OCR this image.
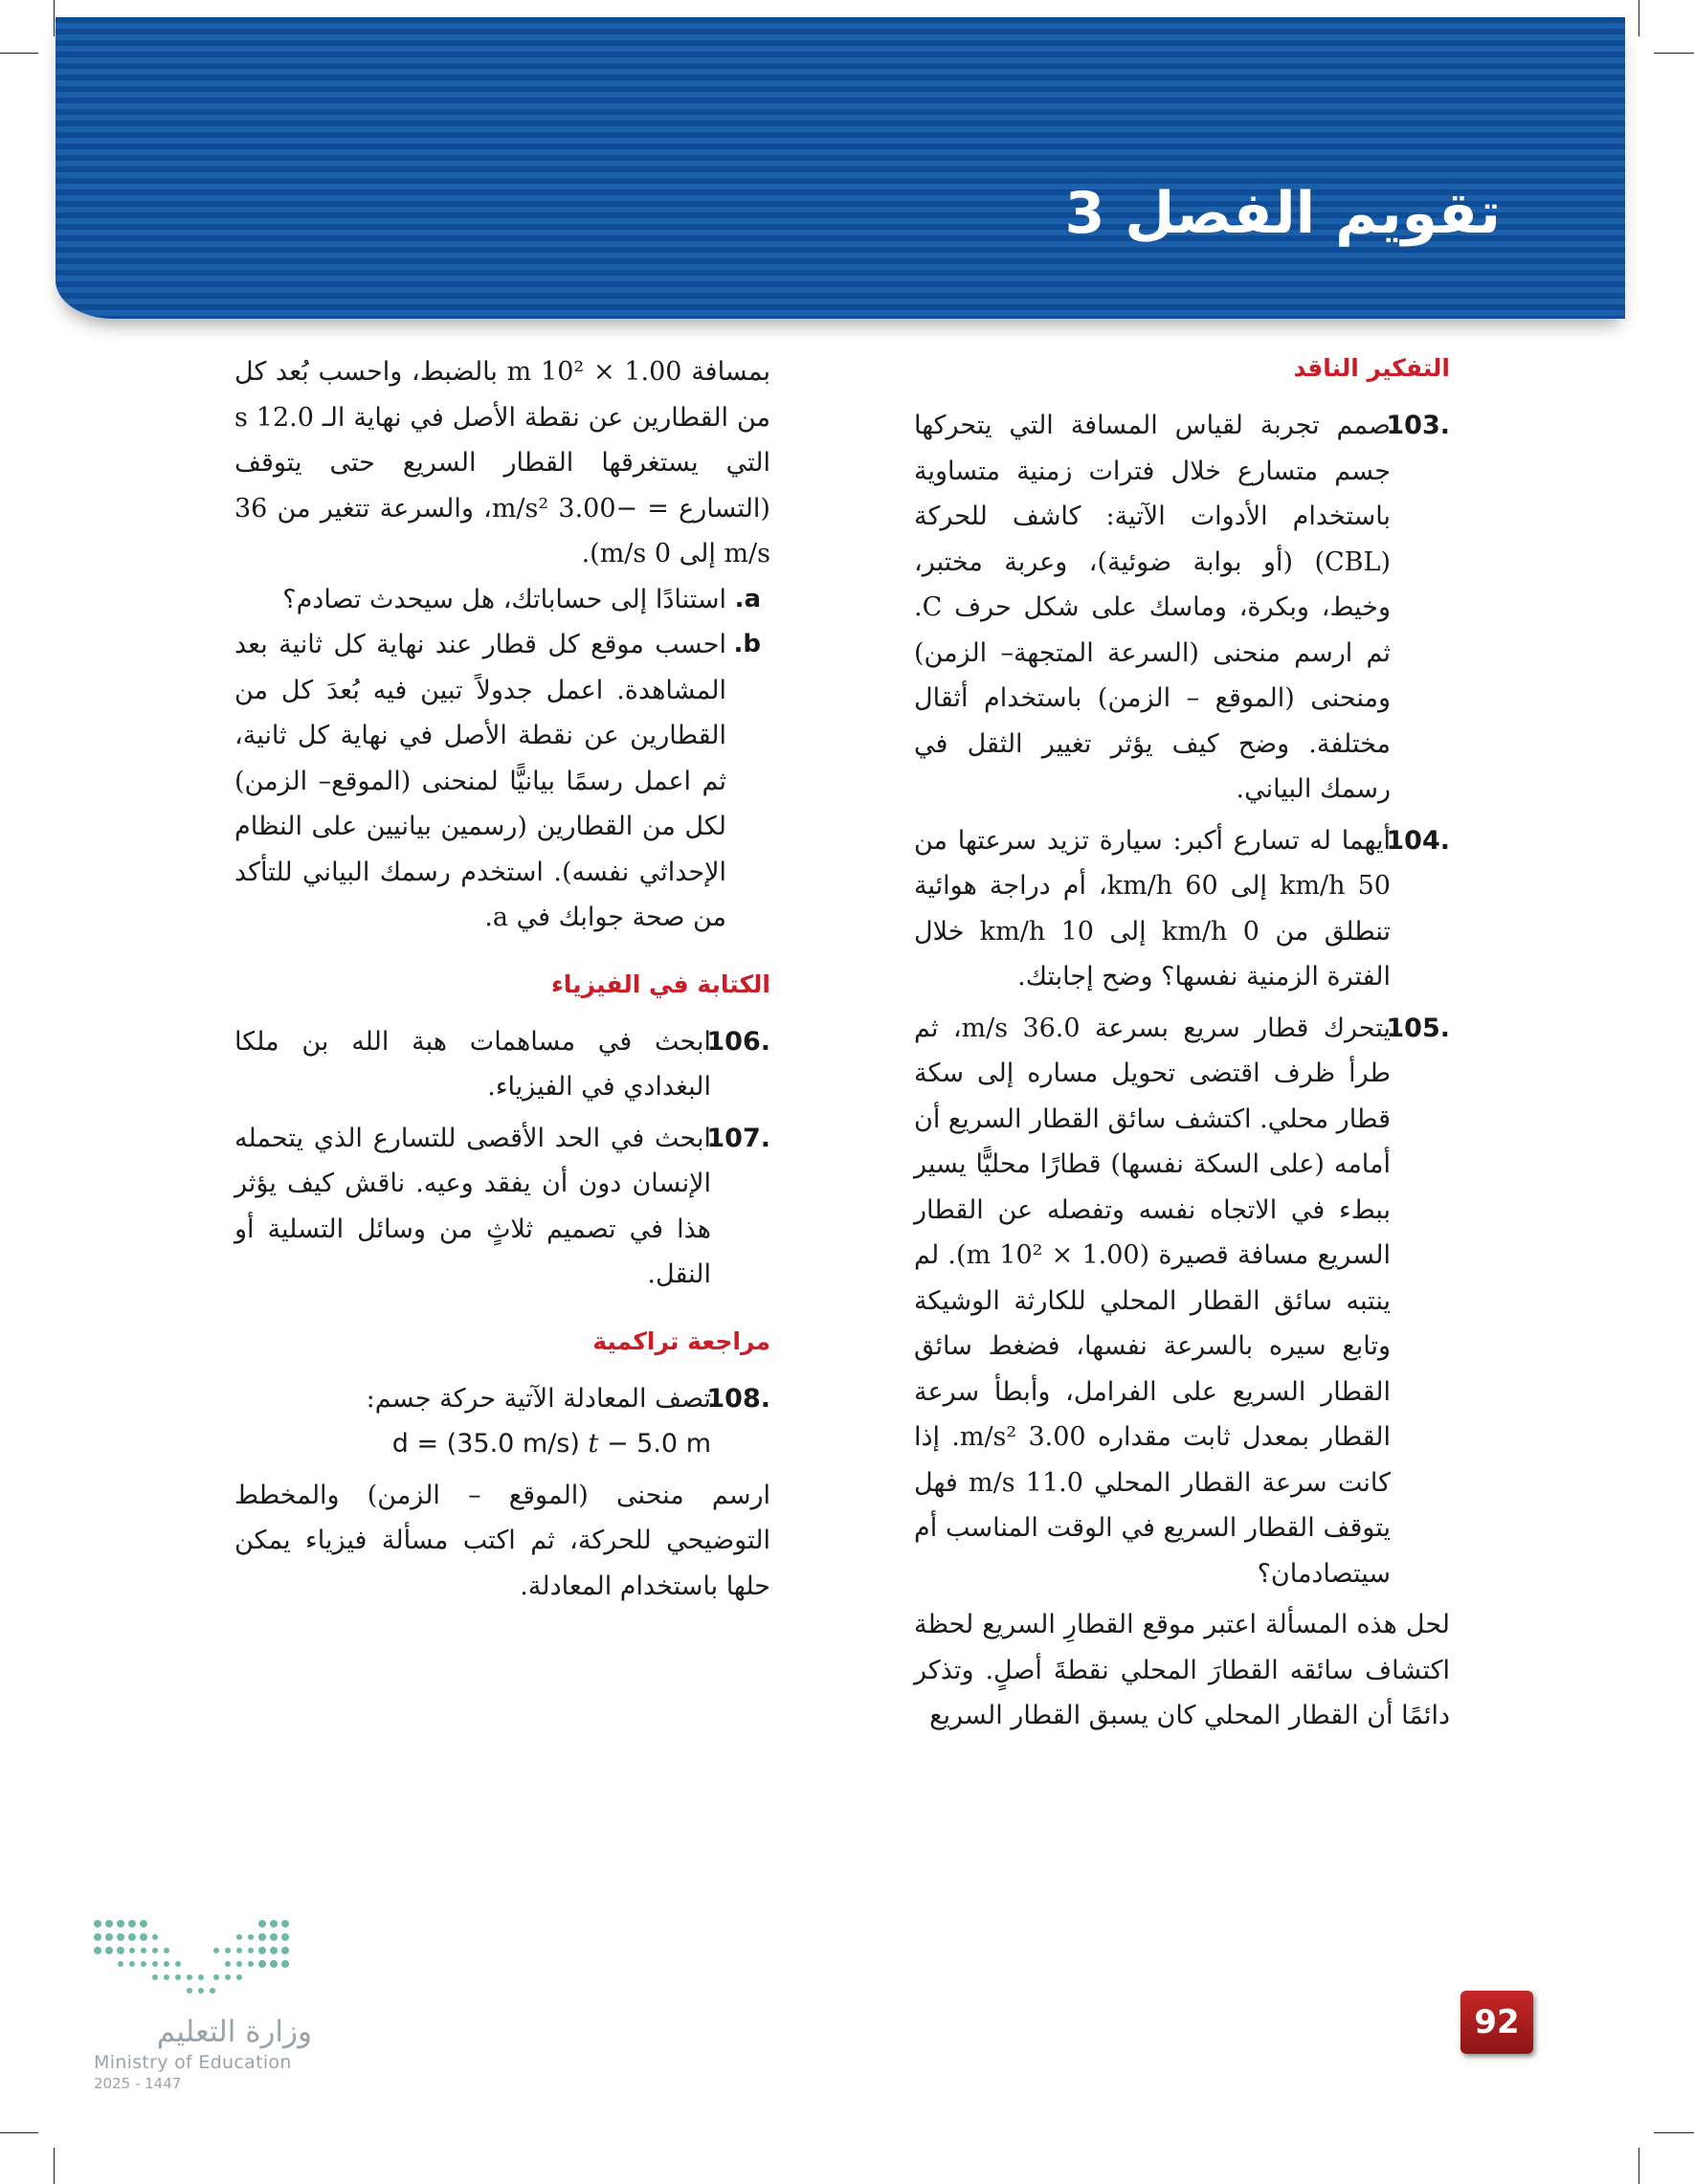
تقويم الفصل 3
التفكير الناقد
103.

صمم تجربة لقياس المسافة التي يتحركها جسم متسارع خلال فترات زمنية متساوية باستخدام الأدوات الآتية: كاشف للحركة (CBL) (أو بوابة ضوئية)، وعربة مختبر، وخيط، وبكرة، وماسك على شكل حرف C. ثم ارسم منحنى (السرعة المتجهة– الزمن) ومنحنى (الموقع – الزمن) باستخدام أثقال مختلفة. وضح كيف يؤثر تغيير الثقل في رسمك البياني.

104.

أيهما له تسارع أكبر: سيارة تزيد سرعتها من 50 km/h إلى 60 km/h، أم دراجة هوائية تنطلق من 0 km/h إلى 10 km/h خلال الفترة الزمنية نفسها؟ وضح إجابتك.

105.

يتحرك قطار سريع بسرعة 36.0 m/s، ثم طرأ ظرف اقتضى تحويل مساره إلى سكة قطار محلي. اكتشف سائق القطار السريع أن أمامه (على السكة نفسها) قطارًا محليًّا يسير ببطء في الاتجاه نفسه وتفصله عن القطار السريع مسافة قصيرة (1.00 × 10² m). لم ينتبه سائق القطار المحلي للكارثة الوشيكة وتابع سيره بالسرعة نفسها، فضغط سائق القطار السريع على الفرامل، وأبطأ سرعة القطار بمعدل ثابت مقداره 3.00 m/s². إذا كانت سرعة القطار المحلي 11.0 m/s فهل يتوقف القطار السريع في الوقت المناسب أم سيتصادمان؟

لحل هذه المسألة اعتبر موقع القطارِ السريع لحظة اكتشاف سائقه القطارَ المحلي نقطةَ أصلٍ. وتذكر دائمًا أن القطار المحلي كان يسبق القطار السريع

بمسافة 1.00 × 10² m بالضبط، واحسب بُعد كل من القطارين عن نقطة الأصل في نهاية الـ 12.0 s التي يستغرقها القطار السريع حتى يتوقف (التسارع = −3.00 m/s²، والسرعة تتغير من 36 m/s إلى 0 m/s).

a.

استنادًا إلى حساباتك، هل سيحدث تصادم؟

b.

احسب موقع كل قطار عند نهاية كل ثانية بعد المشاهدة. اعمل جدولاً تبين فيه بُعدَ كل من القطارين عن نقطة الأصل في نهاية كل ثانية، ثم اعمل رسمًا بيانيًّا لمنحنى (الموقع– الزمن) لكل من القطارين (رسمين بيانيين على النظام الإحداثي نفسه). استخدم رسمك البياني للتأكد من صحة جوابك في a.

الكتابة في الفيزياء
106.

ابحث في مساهمات هبة الله بن ملكا البغدادي في الفيزياء.

107.

ابحث في الحد الأقصى للتسارع الذي يتحمله الإنسان دون أن يفقد وعيه. ناقش كيف يؤثر هذا في تصميم ثلاثٍ من وسائل التسلية أو النقل.

مراجعة تراكمية
108.

تصف المعادلة الآتية حركة جسم:

d = (35.0 m/s) t − 5.0 m

ارسم منحنى (الموقع – الزمن) والمخطط التوضيحي للحركة، ثم اكتب مسألة فيزياء يمكن حلها باستخدام المعادلة.

92
وزارة التعليم
Ministry of Education
2025 - 1447
